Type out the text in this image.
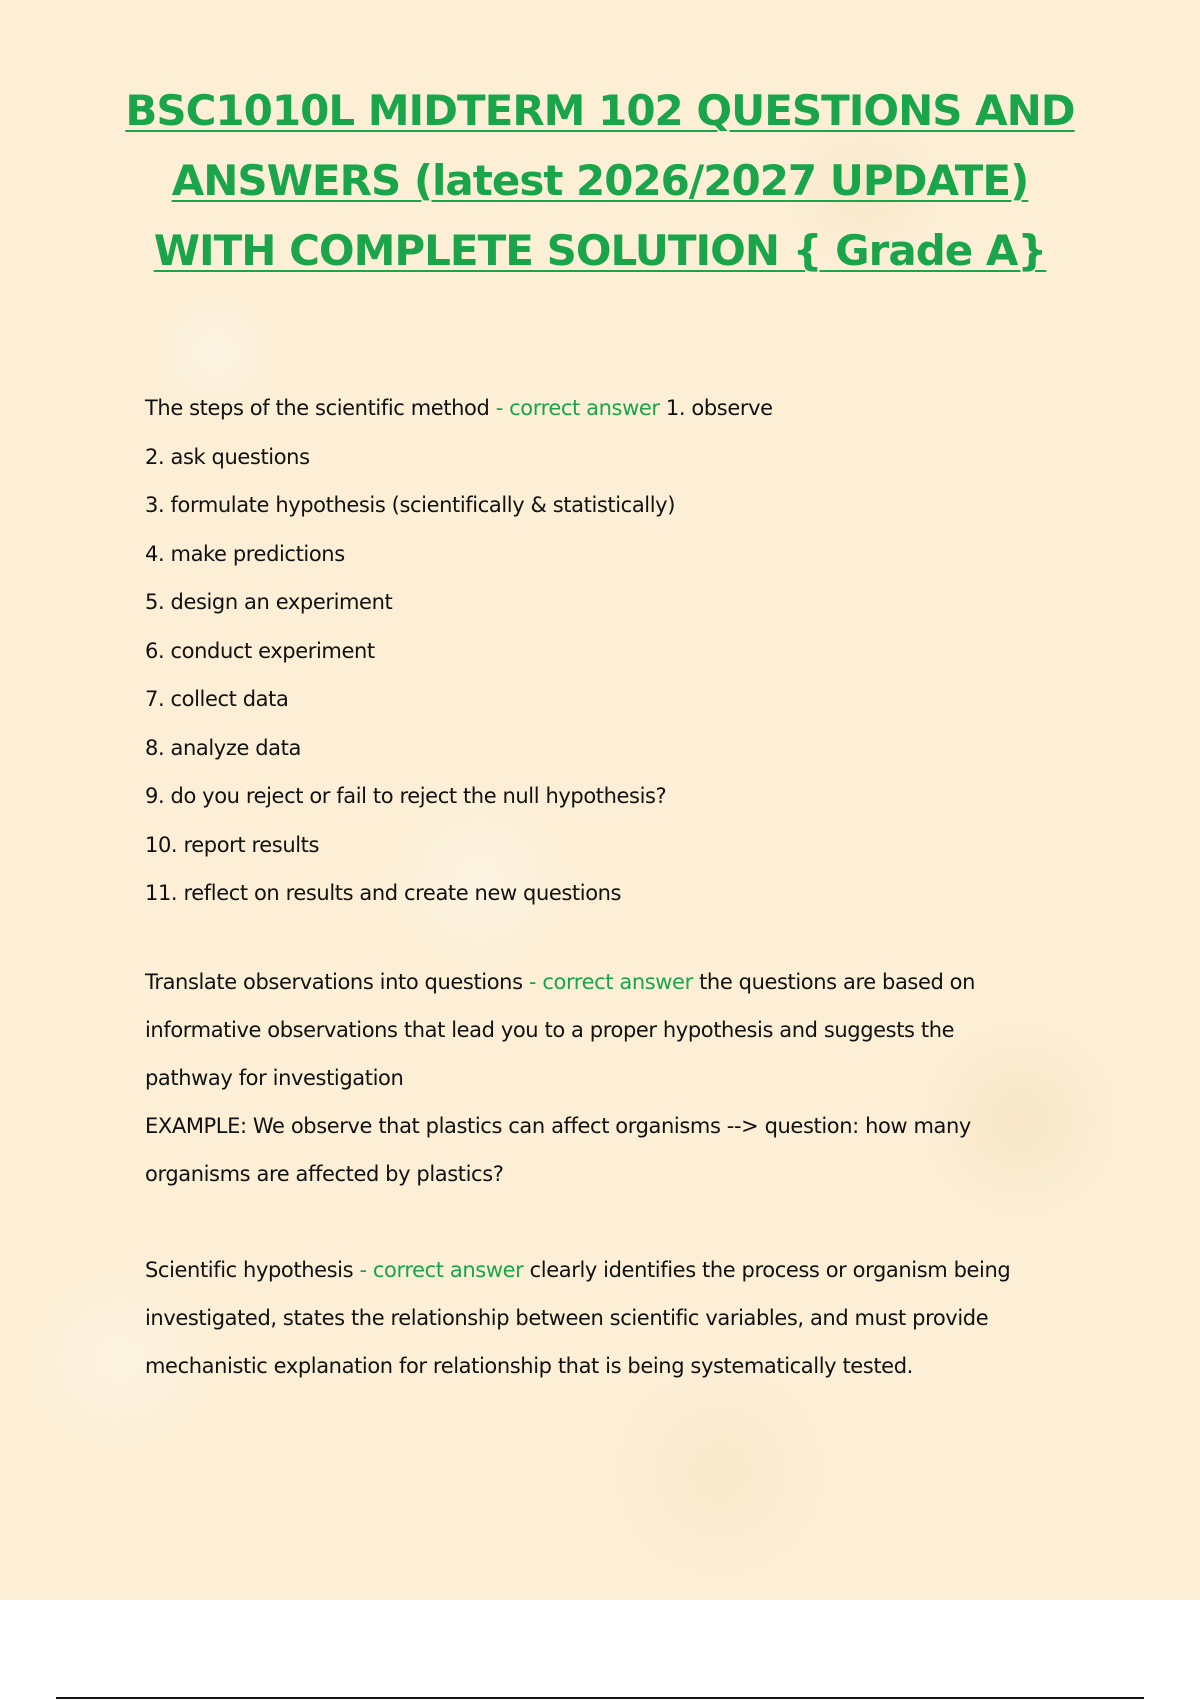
BSC1010L MIDTERM 102 QUESTIONS AND
ANSWERS (latest 2026/2027 UPDATE)
WITH COMPLETE SOLUTION { Grade A}
The steps of the scientific method - correct answer 1. observe
2. ask questions
3. formulate hypothesis (scientifically & statistically)
4. make predictions
5. design an experiment
6. conduct experiment
7. collect data
8. analyze data
9. do you reject or fail to reject the null hypothesis?
10. report results
11. reflect on results and create new questions
Translate observations into questions - correct answer the questions are based on
informative observations that lead you to a proper hypothesis and suggests the
pathway for investigation
EXAMPLE: We observe that plastics can affect organisms --> question: how many
organisms are affected by plastics?
Scientific hypothesis - correct answer clearly identifies the process or organism being
investigated, states the relationship between scientific variables, and must provide
mechanistic explanation for relationship that is being systematically tested.
